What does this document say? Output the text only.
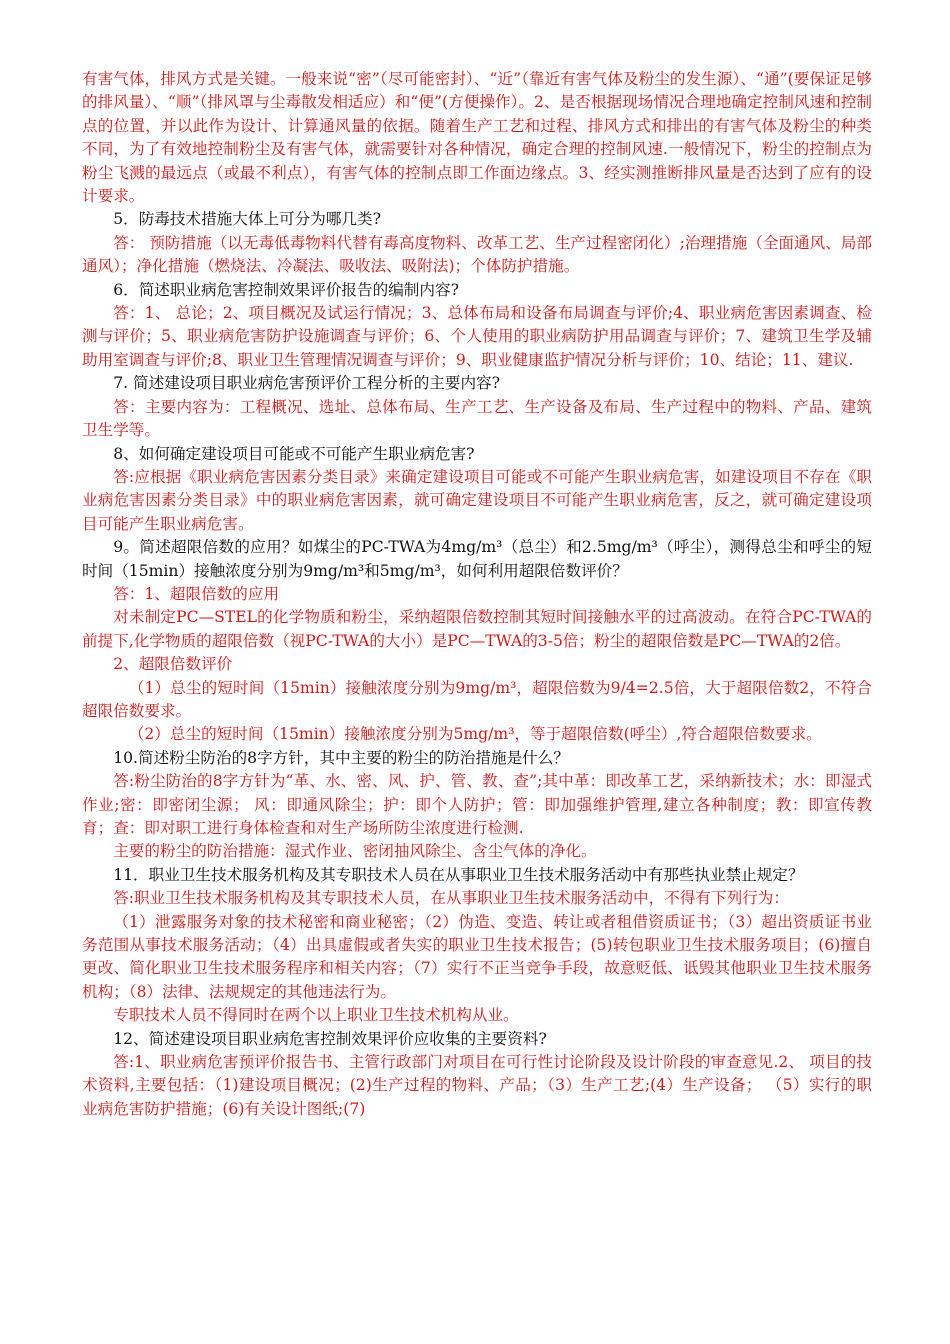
有害气体，排风方式是关键。一般来说“密”（尽可能密封）、“近”（靠近有害气体及粉尘的发生源）、“通”(要保证足够的排风量）、“顺”（排风罩与尘毒散发相适应）和“便”(方便操作）。2、是否根据现场情况合理地确定控制风速和控制点的位置，并以此作为设计、计算通风量的依据。随着生产工艺和过程、排风方式和排出的有害气体及粉尘的种类不同，为了有效地控制粉尘及有害气体，就需要针对各种情况，确定合理的控制风速.一般情况下，粉尘的控制点为粉尘飞溅的最远点（或最不利点），有害气体的控制点即工作面边缘点。3、经实测推断排风量是否达到了应有的设计要求。

5．防毒技术措施大体上可分为哪几类?

答： 预防措施（以无毒低毒物料代替有毒高度物料、改革工艺、生产过程密闭化）;治理措施（全面通风、局部通风）；净化措施（燃烧法、冷凝法、吸收法、吸附法)；个体防护措施。

6．简述职业病危害控制效果评价报告的编制内容?

答：1、 总论；2、项目概况及试运行情况；3、总体布局和设备布局调查与评价;4、职业病危害因素调查、检测与评价；5、职业病危害防护设施调查与评价；6、个人使用的职业病防护用品调查与评价；7、建筑卫生学及辅助用室调查与评价;8、职业卫生管理情况调查与评价；9、职业健康监护情况分析与评价；10、结论；11、建议.

7. 简述建设项目职业病危害预评价工程分析的主要内容?

答：主要内容为：工程概况、选址、总体布局、生产工艺、生产设备及布局、生产过程中的物料、产品、建筑卫生学等。

8、如何确定建设项目可能或不可能产生职业病危害?

答:应根据《职业病危害因素分类目录》来确定建设项目可能或不可能产生职业病危害，如建设项目不存在《职业病危害因素分类目录》中的职业病危害因素，就可确定建设项目不可能产生职业病危害，反之，就可确定建设项目可能产生职业病危害。

9。简述超限倍数的应用？如煤尘的PC-TWA为4mg/m³（总尘）和2.5mg/m³（呼尘），测得总尘和呼尘的短时间（15min）接触浓度分别为9mg/m³和5mg/m³，如何利用超限倍数评价？

答：1、超限倍数的应用

对未制定PC—STEL的化学物质和粉尘，采纳超限倍数控制其短时间接触水平的过高波动。在符合PC-TWA的前提下,化学物质的超限倍数（视PC-TWA的大小）是PC—TWA的3-5倍；粉尘的超限倍数是PC—TWA的2倍。

2、超限倍数评价

（1）总尘的短时间（15min）接触浓度分别为9mg/m³，超限倍数为9/4=2.5倍，大于超限倍数2，不符合超限倍数要求。

（2）总尘的短时间（15min）接触浓度分别为5mg/m³，等于超限倍数(呼尘）,符合超限倍数要求。

10.简述粉尘防治的8字方针，其中主要的粉尘的防治措施是什么？

答:粉尘防治的8字方针为“革、水、密、风、护、管、教、查”;其中革：即改革工艺，采纳新技术；水：即湿式作业;密：即密闭尘源； 风：即通风除尘；护：即个人防护；管：即加强维护管理,建立各种制度；教：即宣传教育；查：即对职工进行身体检查和对生产场所防尘浓度进行检测.

主要的粉尘的防治措施：湿式作业、密闭抽风除尘、含尘气体的净化。

11．职业卫生技术服务机构及其专职技术人员在从事职业卫生技术服务活动中有那些执业禁止规定？

答:职业卫生技术服务机构及其专职技术人员，在从事职业卫生技术服务活动中，不得有下列行为：

（1）泄露服务对象的技术秘密和商业秘密；（2）伪造、变造、转让或者租借资质证书；（3）超出资质证书业务范围从事技术服务活动；（4）出具虚假或者失实的职业卫生技术报告；(5)转包职业卫生技术服务项目；(6)擅自更改、简化职业卫生技术服务程序和相关内容；（7）实行不正当竞争手段，故意贬低、诋毁其他职业卫生技术服务机构；（8）法律、法规规定的其他违法行为。

专职技术人员不得同时在两个以上职业卫生技术机构从业。

12、简述建设项目职业病危害控制效果评价应收集的主要资料?

答:1、职业病危害预评价报告书、主管行政部门对项目在可行性讨论阶段及设计阶段的审查意见.2、 项目的技术资料,主要包括：（1)建设项目概况；(2)生产过程的物料、产品；（3）生产工艺;(4）生产设备； （5）实行的职业病危害防护措施；(6)有关设计图纸;(7)
